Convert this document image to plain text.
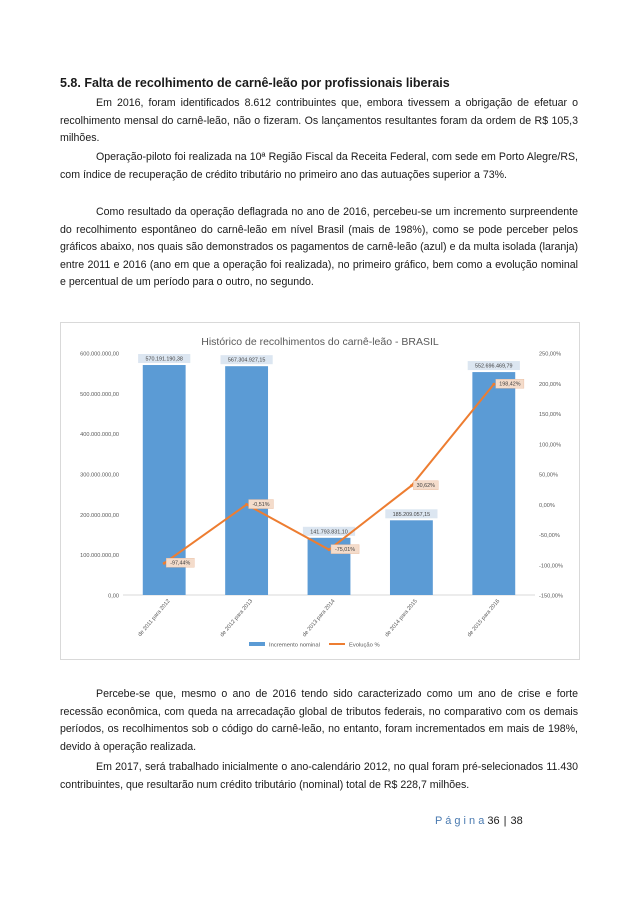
5.8. Falta de recolhimento de carnê-leão por profissionais liberais

Em 2016, foram identificados 8.612 contribuintes que, embora tivessem a obrigação de efetuar o recolhimento mensal do carnê-leão, não o fizeram. Os lançamentos resultantes foram da ordem de R$ 105,3 milhões.

Operação-piloto foi realizada na 10ª Região Fiscal da Receita Federal, com sede em Porto Alegre/RS, com índice de recuperação de crédito tributário no primeiro ano das autuações superior a 73%.

Como resultado da operação deflagrada no ano de 2016, percebeu-se um incremento surpreendente do recolhimento espontâneo do carnê-leão em nível Brasil (mais de 198%), como se pode perceber pelos gráficos abaixo, nos quais são demonstrados os pagamentos de carnê-leão (azul) e da multa isolada (laranja) entre 2011 e 2016 (ano em que a operação foi realizada), no primeiro gráfico, bem como a evolução nominal e percentual de um período para o outro, no segundo.

Histórico de recolhimentos do carnê-leão - BRASIL
0,00
100.000.000,00
200.000.000,00
300.000.000,00
400.000.000,00
500.000.000,00
600.000.000,00
-150,00%
-100,00%
-50,00%
0,00%
50,00%
100,00%
150,00%
200,00%
250,00%
570.191.190,38	567.304.927,15
141.793.831,10
185.209.057,15
552.696.469,79
-97,44%
-0,51%
-75,01%
30,62%
198,42%
de 2011 para 2012	de 2012 para 2013	de 2013 para 2014	de 2014 para 2015	de 2015 para 2016
Incremento nominal	Evolução %

Percebe-se que, mesmo o ano de 2016 tendo sido caracterizado como um ano de crise e forte recessão econômica, com queda na arrecadação global de tributos federais, no comparativo com os demais períodos, os recolhimentos sob o código do carnê-leão, no entanto, foram incrementados em mais de 198%, devido à operação realizada.

Em 2017, será trabalhado inicialmente o ano-calendário 2012, no qual foram pré-selecionados 11.430 contribuintes, que resultarão num crédito tributário (nominal) total de R$ 228,7 milhões.

P á g i n a 36 | 38
